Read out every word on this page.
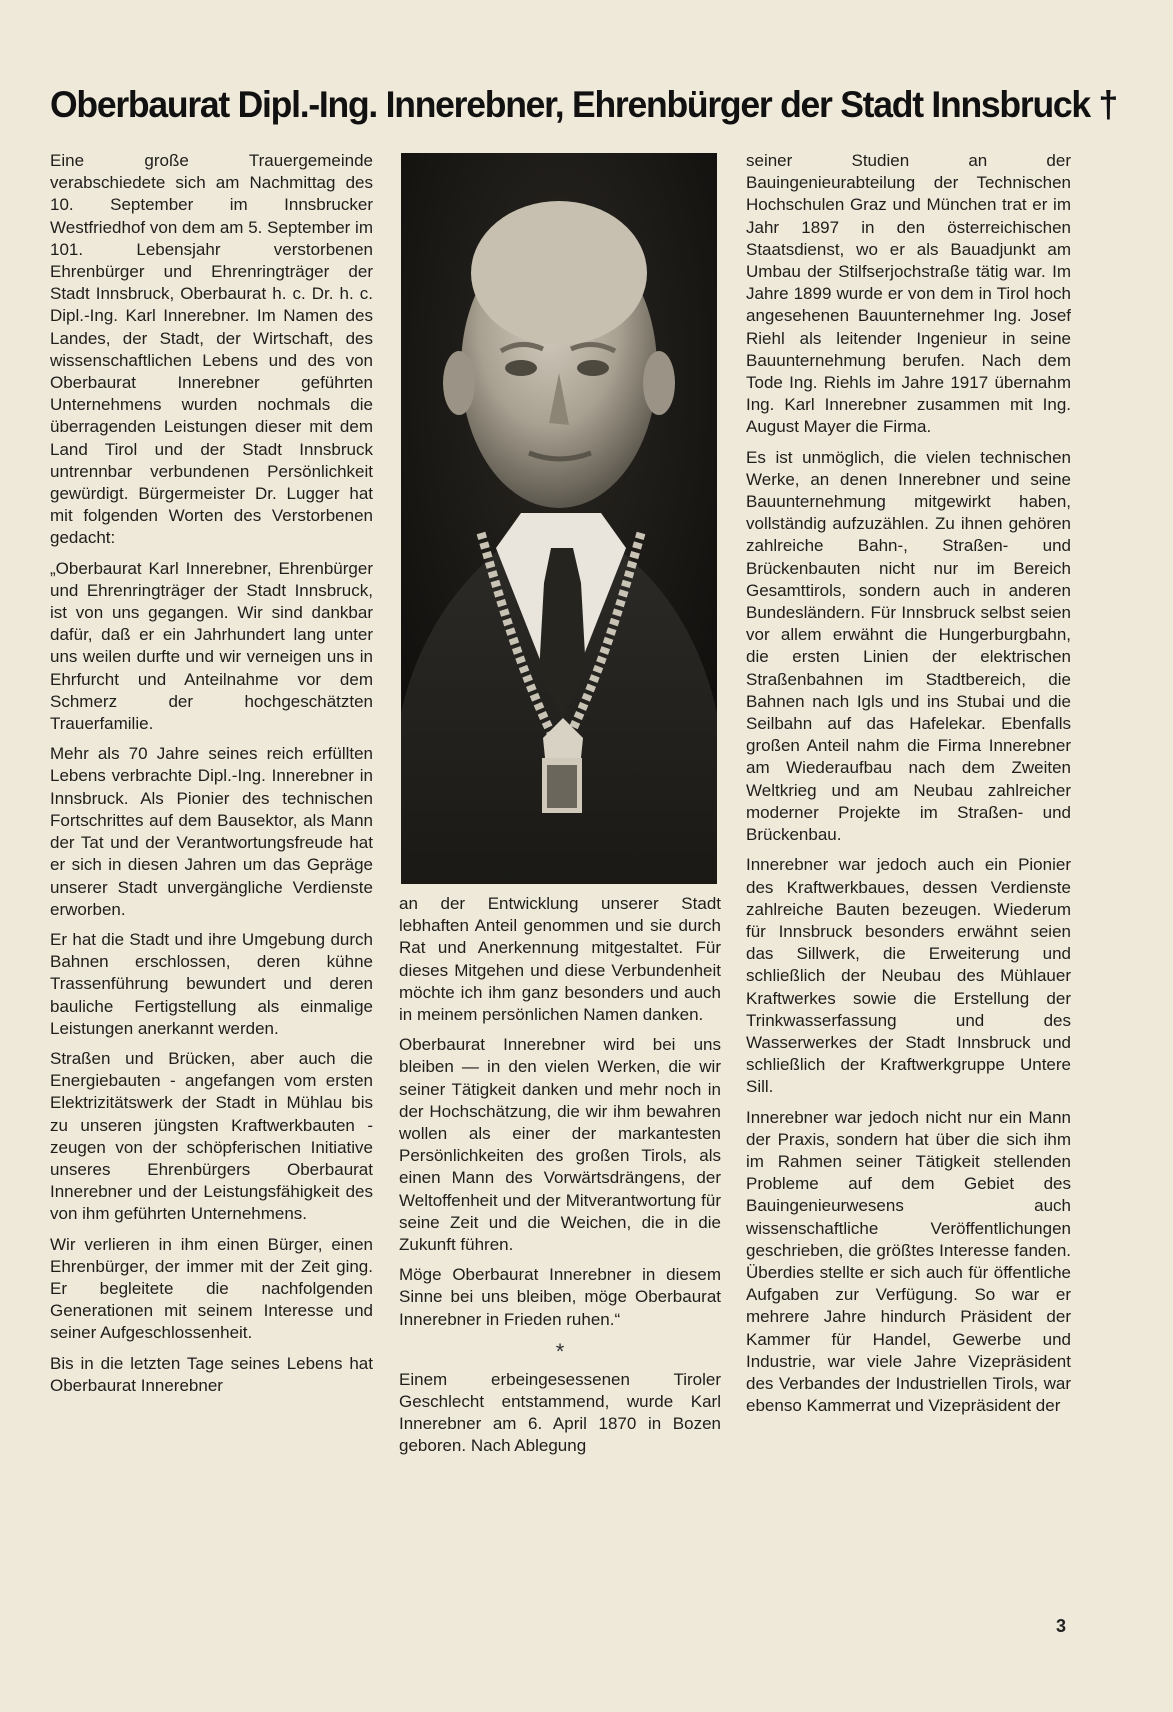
Oberbaurat Dipl.-Ing. Innerebner, Ehrenbürger der Stadt Innsbruck †

Eine große Trauergemeinde verabschiedete sich am Nachmittag des 10. September im Innsbrucker Westfriedhof von dem am 5. September im 101. Lebensjahr verstorbenen Ehrenbürger und Ehrenringträger der Stadt Innsbruck, Oberbaurat h. c. Dr. h. c. Dipl.-Ing. Karl Innerebner. Im Namen des Landes, der Stadt, der Wirtschaft, des wissenschaftlichen Lebens und des von Oberbaurat Innerebner geführten Unternehmens wurden nochmals die überragenden Leistungen dieser mit dem Land Tirol und der Stadt Innsbruck untrennbar verbundenen Persönlichkeit gewürdigt. Bürgermeister Dr. Lugger hat mit folgenden Worten des Verstorbenen gedacht:

„Oberbaurat Karl Innerebner, Ehrenbürger und Ehrenringträger der Stadt Innsbruck, ist von uns gegangen. Wir sind dankbar dafür, daß er ein Jahrhundert lang unter uns weilen durfte und wir verneigen uns in Ehrfurcht und Anteilnahme vor dem Schmerz der hochgeschätzten Trauerfamilie.

Mehr als 70 Jahre seines reich erfüllten Lebens verbrachte Dipl.-Ing. Innerebner in Innsbruck. Als Pionier des technischen Fortschrittes auf dem Bausektor, als Mann der Tat und der Verantwortungsfreude hat er sich in diesen Jahren um das Gepräge unserer Stadt unvergängliche Verdienste erworben.

Er hat die Stadt und ihre Umgebung durch Bahnen erschlossen, deren kühne Trassenführung bewundert und deren bauliche Fertigstellung als einmalige Leistungen anerkannt werden.

Straßen und Brücken, aber auch die Energiebauten - angefangen vom ersten Elektrizitätswerk der Stadt in Mühlau bis zu unseren jüngsten Kraftwerkbauten - zeugen von der schöpferischen Initiative unseres Ehrenbürgers Oberbaurat Innerebner und der Leistungsfähigkeit des von ihm geführten Unternehmens.

Wir verlieren in ihm einen Bürger, einen Ehrenbürger, der immer mit der Zeit ging. Er begleitete die nachfolgenden Generationen mit seinem Interesse und seiner Aufgeschlossenheit.

Bis in die letzten Tage seines Lebens hat Oberbaurat Innerebner

an der Entwicklung unserer Stadt lebhaften Anteil genommen und sie durch Rat und Anerkennung mitgestaltet. Für dieses Mitgehen und diese Verbundenheit möchte ich ihm ganz besonders und auch in meinem persönlichen Namen danken.

Oberbaurat Innerebner wird bei uns bleiben — in den vielen Werken, die wir seiner Tätigkeit danken und mehr noch in der Hochschätzung, die wir ihm bewahren wollen als einer der markantesten Persönlichkeiten des großen Tirols, als einen Mann des Vorwärtsdrängens, der Weltoffenheit und der Mitverantwortung für seine Zeit und die Weichen, die in die Zukunft führen.

Möge Oberbaurat Innerebner in diesem Sinne bei uns bleiben, möge Oberbaurat Innerebner in Frieden ruhen.“

*

Einem erbeingesessenen Tiroler Geschlecht entstammend, wurde Karl Innerebner am 6. April 1870 in Bozen geboren. Nach Ablegung

seiner Studien an der Bauingenieurabteilung der Technischen Hochschulen Graz und München trat er im Jahr 1897 in den österreichischen Staatsdienst, wo er als Bauadjunkt am Umbau der Stilfserjochstraße tätig war. Im Jahre 1899 wurde er von dem in Tirol hoch angesehenen Bauunternehmer Ing. Josef Riehl als leitender Ingenieur in seine Bauunternehmung berufen. Nach dem Tode Ing. Riehls im Jahre 1917 übernahm Ing. Karl Innerebner zusammen mit Ing. August Mayer die Firma.

Es ist unmöglich, die vielen technischen Werke, an denen Innerebner und seine Bauunternehmung mitgewirkt haben, vollständig aufzuzählen. Zu ihnen gehören zahlreiche Bahn-, Straßen- und Brückenbauten nicht nur im Bereich Gesamttirols, sondern auch in anderen Bundesländern. Für Innsbruck selbst seien vor allem erwähnt die Hungerburgbahn, die ersten Linien der elektrischen Straßenbahnen im Stadtbereich, die Bahnen nach Igls und ins Stubai und die Seilbahn auf das Hafelekar. Ebenfalls großen Anteil nahm die Firma Innerebner am Wiederaufbau nach dem Zweiten Weltkrieg und am Neubau zahlreicher moderner Projekte im Straßen- und Brückenbau.

Innerebner war jedoch auch ein Pionier des Kraftwerkbaues, dessen Verdienste zahlreiche Bauten bezeugen. Wiederum für Innsbruck besonders erwähnt seien das Sillwerk, die Erweiterung und schließlich der Neubau des Mühlauer Kraftwerkes sowie die Erstellung der Trinkwasserfassung und des Wasserwerkes der Stadt Innsbruck und schließlich der Kraftwerkgruppe Untere Sill.

Innerebner war jedoch nicht nur ein Mann der Praxis, sondern hat über die sich ihm im Rahmen seiner Tätigkeit stellenden Probleme auf dem Gebiet des Bauingenieurwesens auch wissenschaftliche Veröffentlichungen geschrieben, die größtes Interesse fanden. Überdies stellte er sich auch für öffentliche Aufgaben zur Verfügung. So war er mehrere Jahre hindurch Präsident der Kammer für Handel, Gewerbe und Industrie, war viele Jahre Vizepräsident des Verbandes der Industriellen Tirols, war ebenso Kammerrat und Vizepräsident der

3
